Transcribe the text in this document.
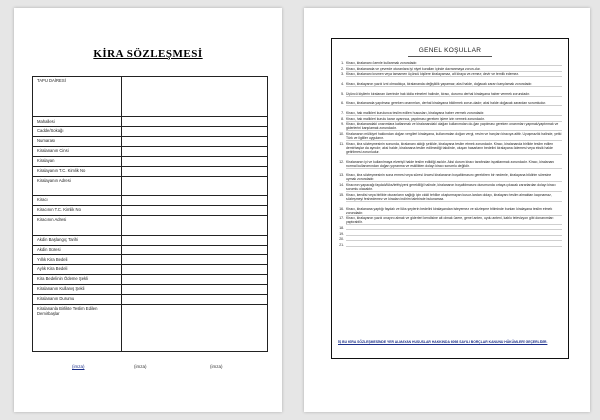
KİRA SÖZLEŞMESİ
TAPU DAİRESİ
Mahallesi
Cadde/Sokağı
Numarası
Kiralananın Cinsi
Kiralayan
Kiralayanın T.C. Kimlik No
Kiralayanın Adresi
Kiracı
Kiracının T.C. Kimlik No
Kiracının Adresi
Akdin Başlangıç Tarihi
Akdin Süresi
Yıllık Kira Bedeli
Aylık Kira Bedeli
Kira Bedelinin Ödeme Şekli
Kiralananın Kullanış Şekli
Kiralananın Durumu
Kiralananla Birlikte Teslim Edilen Demirbaşlar
(imza)	(imza)	(imza)
GENEL KOŞULLAR
1. Kiracı, kiralananı özenle kullanmak zorundadır.
2. Kiracı, kiralananda ve çevrede oturanlara iyi niyet kuralları içinde davranmaya zorun-dur.
3. Kiracı, kiralananı kısmen veya tamamen üçüncü kişilere kiralayamaz, alt kiraya ve-remez; devir ve temlik edemez.
4. Kiracı, kiralayanın yazılı izni olmadıkça, kiralananda değişiklik yapamaz; aksi halde, doğacak zararı karşılamak zorundadır.
5. Üçüncü kişilerin kiralanan üzerinde hak iddia etmeleri halinde, kiracı, durumu derhal kiralayana haber vermek zorundadır.
6. Kiracı, kiralananda yapılması gereken onarımları, derhal kiralayana bildirmek zorun-dadır; aksi halde doğacak zarardan sorumludur.
7. Kiracı, hak malikleri kurulunca teslim edilen hususları, kiralayana haber vermek zorundadır.
8. Kiracı, hak malikleri kurulu karar uyarınca, yapılması gereken işlere izin vermek zorundadır.
9. Kiracı, kiralanandaki onarımlara katlanmak ve kiralanandaki olağan kullanımdan do-ğan yapılması gereken onarımları yapmak/yaptırmak ve giderlerini karşılamak zorundadır.
10. Kiralananın mülkiyet hakkından doğan vergileri kiralayana, kullanımdan doğan vergi, resim ve harçları kiracıya aittir. Uyuşmazlık halinde, yetki Türk ve ilgililer uygulanır.
11. Kiracı, kira sözleşmesinin sonunda, kiralananı aldığı şekilde, kiralayana teslim etmek zorundadır. Kiracı, kiralananda birlikte teslim edilen demirbaşlar da aynıdır; aksi halde, kiralanana teslim edilmediği takdirde, oluşan hasarların bedelini kiralayana ödemesi veya eksik halde getirilmesi zorunludur.
12. Kiralananın iyi ve kullanılmaya elverişli halde teslim edildiği asıldır. Aksi durum kiracı tarafından ispatlanmak zorundadır. Kiracı, kiralananı normal kullanımından doğan yıpranma ve eskilikten dolayı kiracı sorumlu değildir.
13. Kiracı, kira sözleşmesinin sona ermesi veya süresi öncesi kiralananın boşaltılmasını gerektiren bir nedenle, kiralayana bildirim süresine uymak zorundadır.
14. Kiracının yapacağı faydalı/lüks/tefriş/yeni gerekliliği halinde, kiralananın boşaltılmasını durumunda ortaya çıkacak zararlardan dolayı kiracı sorumlu olacaktır.
15. Kiracı, kendisi veya birlikte oturanların sağlığı için ciddi tehlike oluşturmayan kusur-lardan dolayı, kiralayanı teslim almaktan kaçınamaz, sözleşmeyi feshedemez ve kiradan indirim talebinde bulunamaz.
16. Kiracı, kiralanana yaptığı faydalı ve lüks şeylerin bedelini kiralayandan isteyemez ve sözleşme bitiminde bunları kiralayana teslim etmek zorundadır.
17. Kiracı, kiralayanın yazılı onayını almak ve giderleri kendisine ait olmak üzere, genel anten, uydu anteni, kablo televizyon gibi donanımları yaptırabilir.
18.
19.
20.
21.
İŞ BU KİRA SÖZLEŞMESİNDE YER ALMAYAN HUSUSLAR HAKKINDA 6098 SAYILI BORÇLAR KANUNU HÜKÜMLERİ GEÇERLİDİR.
